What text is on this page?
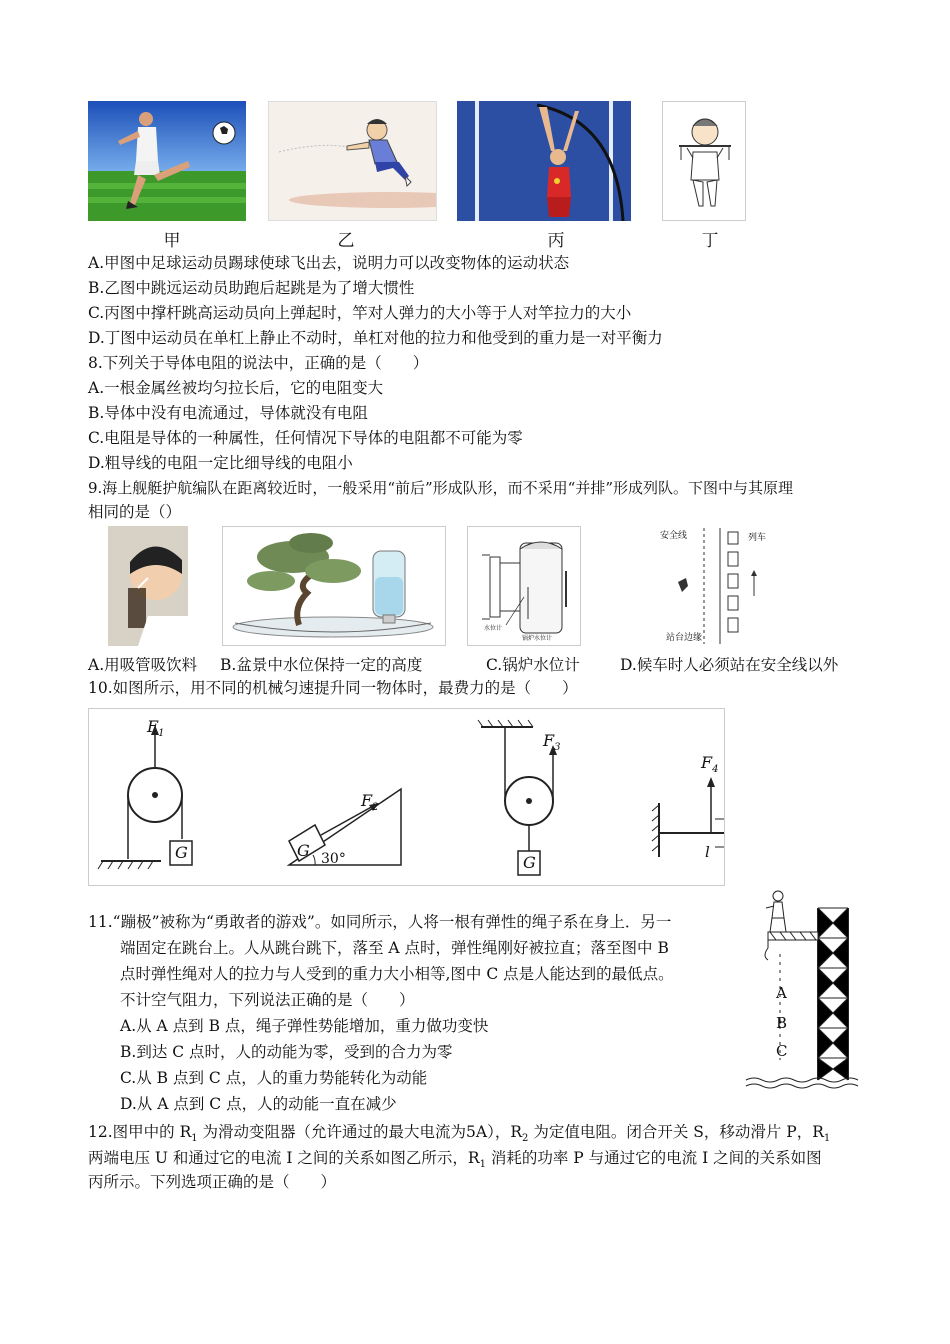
甲	乙	丙	丁
A.甲图中足球运动员踢球使球飞出去，说明力可以改变物体的运动状态
B.乙图中跳远运动员助跑后起跳是为了增大惯性
C.丙图中撑杆跳高运动员向上弹起时，竿对人弹力的大小等于人对竿拉力的大小
D.丁图中运动员在单杠上静止不动时，单杠对他的拉力和他受到的重力是一对平衡力
8.下列关于导体电阻的说法中，正确的是（　　）
A.一根金属丝被均匀拉长后，它的电阻变大
B.导体中没有电流通过，导体就没有电阻
C.电阻是导体的一种属性，任何情况下导体的电阻都不可能为零
D.粗导线的电阻一定比细导线的电阻小
9.海上舰艇护航编队在距离较近时，一般采用“前后”形成队形，而不采用“并排”形成列队。下图中与其原理
相同的是（）
锅炉水位计
水位计
安全线	列车
站台边缘
A.用吸管吸饮料 B.盆景中水位保持一定的高度	C.锅炉水位计	D.候车时人必须站在安全线以外
10.如图所示，用不同的机械匀速提升同一物体时，最费力的是（　　）
$F_1$
G
$F_2$
G 30°
$F_3$
G
$F_4$
l
11.“蹦极”被称为“勇敢者的游戏”。如同所示，人将一根有弹性的绳子系在身上．另一
端固定在跳台上。人从跳台跳下，落至 A 点时，弹性绳刚好被拉直；落至图中 B
点时弹性绳对人的拉力与人受到的重力大小相等,图中 C 点是人能达到的最低点。
不计空气阻力，下列说法正确的是（　　）
A.从 A 点到 B 点，绳子弹性势能增加，重力做功变快
B.到达 C 点时，人的动能为零，受到的合力为零
C.从 B 点到 C 点，人的重力势能转化为动能
D.从 A 点到 C 点，人的动能一直在减少
A
B
C
12.图甲中的 $R_1$ 为滑动变阻器（允许通过的最大电流为5A），$R_2$ 为定值电阻。闭合开关 S，移动滑片 P，$R_1$
两端电压 U 和通过它的电流 I 之间的关系如图乙所示，$R_1$ 消耗的功率 P 与通过它的电流 I 之间的关系如图
丙所示。下列选项正确的是（　　）
